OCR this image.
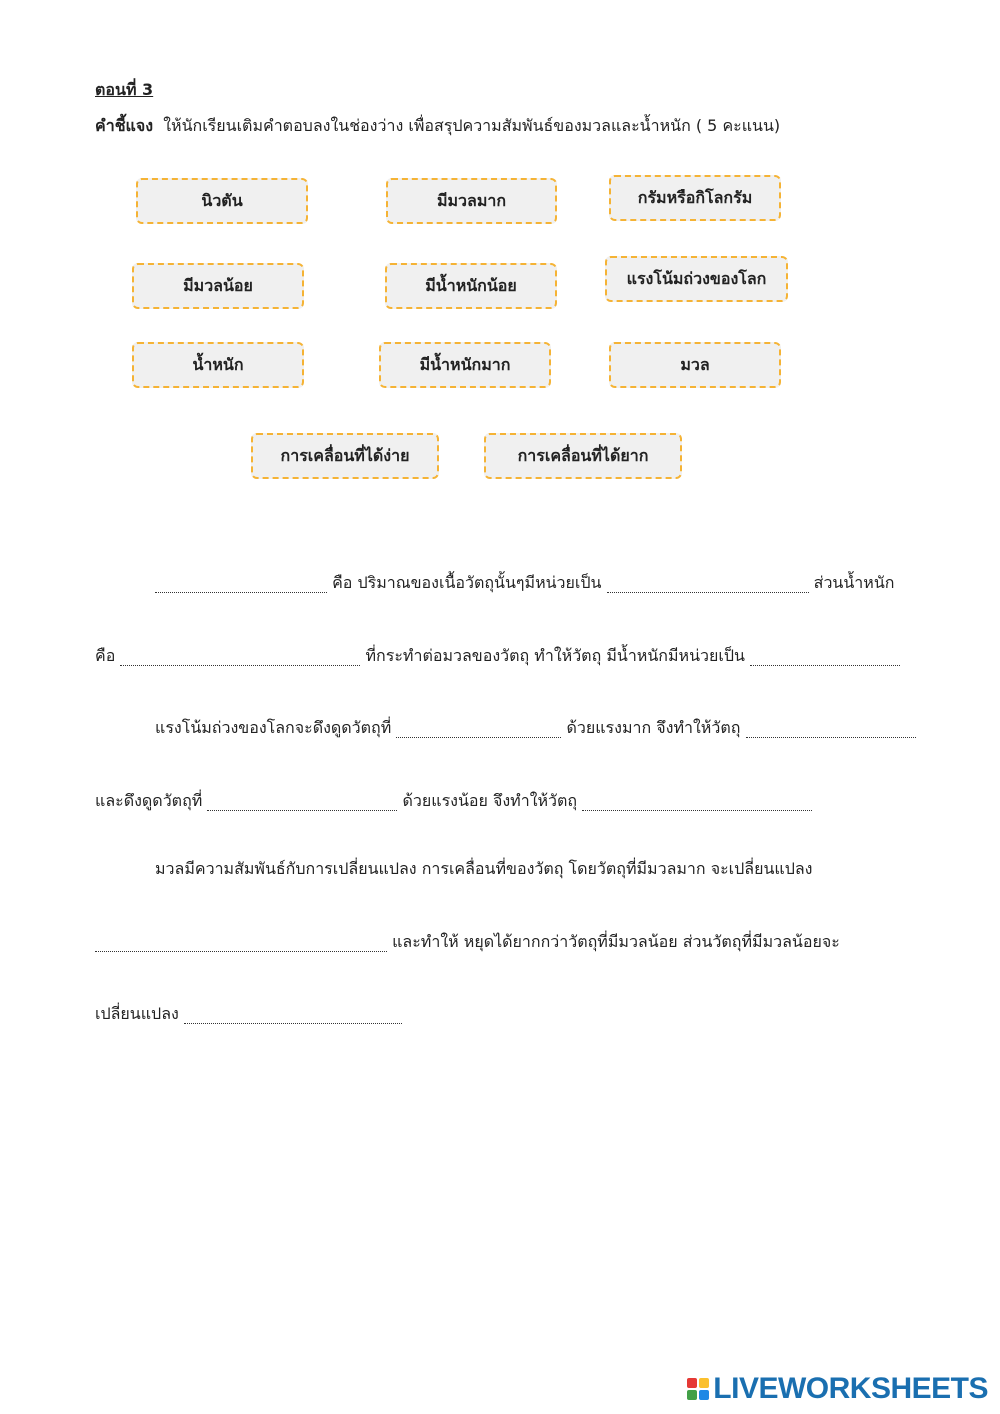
ตอนที่ 3
คำชี้แจง ให้นักเรียนเติมคำตอบลงในช่องว่าง เพื่อสรุปความสัมพันธ์ของมวลและน้ำหนัก ( 5 คะแนน)
นิวตัน	มีมวลมาก	กรัมหรือกิโลกรัม
มีมวลน้อย	มีน้ำหนักน้อย	แรงโน้มถ่วงของโลก
น้ำหนัก	มีน้ำหนักมาก	มวล
การเคลื่อนที่ได้ง่าย	การเคลื่อนที่ได้ยาก
คือ ปริมาณของเนื้อวัตถุนั้นๆมีหน่วยเป็น	ส่วนน้ำหนัก
คือ	ที่กระทำต่อมวลของวัตถุ ทำให้วัตถุ มีน้ำหนักมีหน่วยเป็น
แรงโน้มถ่วงของโลกจะดึงดูดวัตถุที่	ด้วยแรงมาก จึงทำให้วัตถุ
และดึงดูดวัตถุที่	ด้วยแรงน้อย จึงทำให้วัตถุ
มวลมีความสัมพันธ์กับการเปลี่ยนแปลง การเคลื่อนที่ของวัตถุ โดยวัตถุที่มีมวลมาก จะเปลี่ยนแปลง
และทำให้ หยุดได้ยากกว่าวัตถุที่มีมวลน้อย ส่วนวัตถุที่มีมวลน้อยจะ
เปลี่ยนแปลง
LIVEWORKSHEETS
